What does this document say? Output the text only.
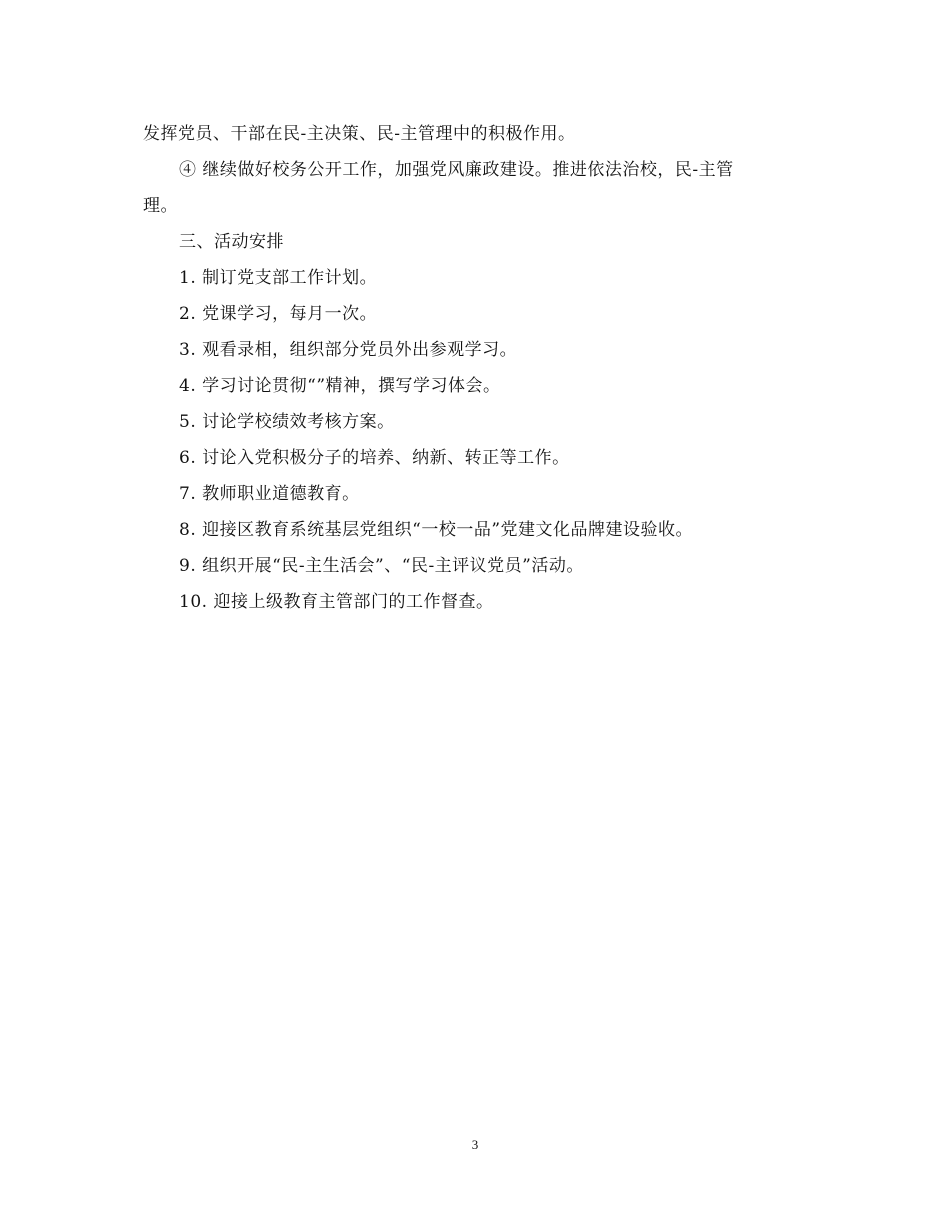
发挥党员、干部在民-主决策、民-主管理中的积极作用。
④ 继续做好校务公开工作，加强党风廉政建设。推进依法治校，民-主管
理。
三、活动安排
1. 制订党支部工作计划。
2. 党课学习，每月一次。
3. 观看录相，组织部分党员外出参观学习。
4. 学习讨论贯彻“”精神，撰写学习体会。
5. 讨论学校绩效考核方案。
6. 讨论入党积极分子的培养、纳新、转正等工作。
7. 教师职业道德教育。
8. 迎接区教育系统基层党组织“一校一品”党建文化品牌建设验收。
9. 组织开展“民-主生活会”、“民-主评议党员”活动。
10. 迎接上级教育主管部门的工作督查。
3
